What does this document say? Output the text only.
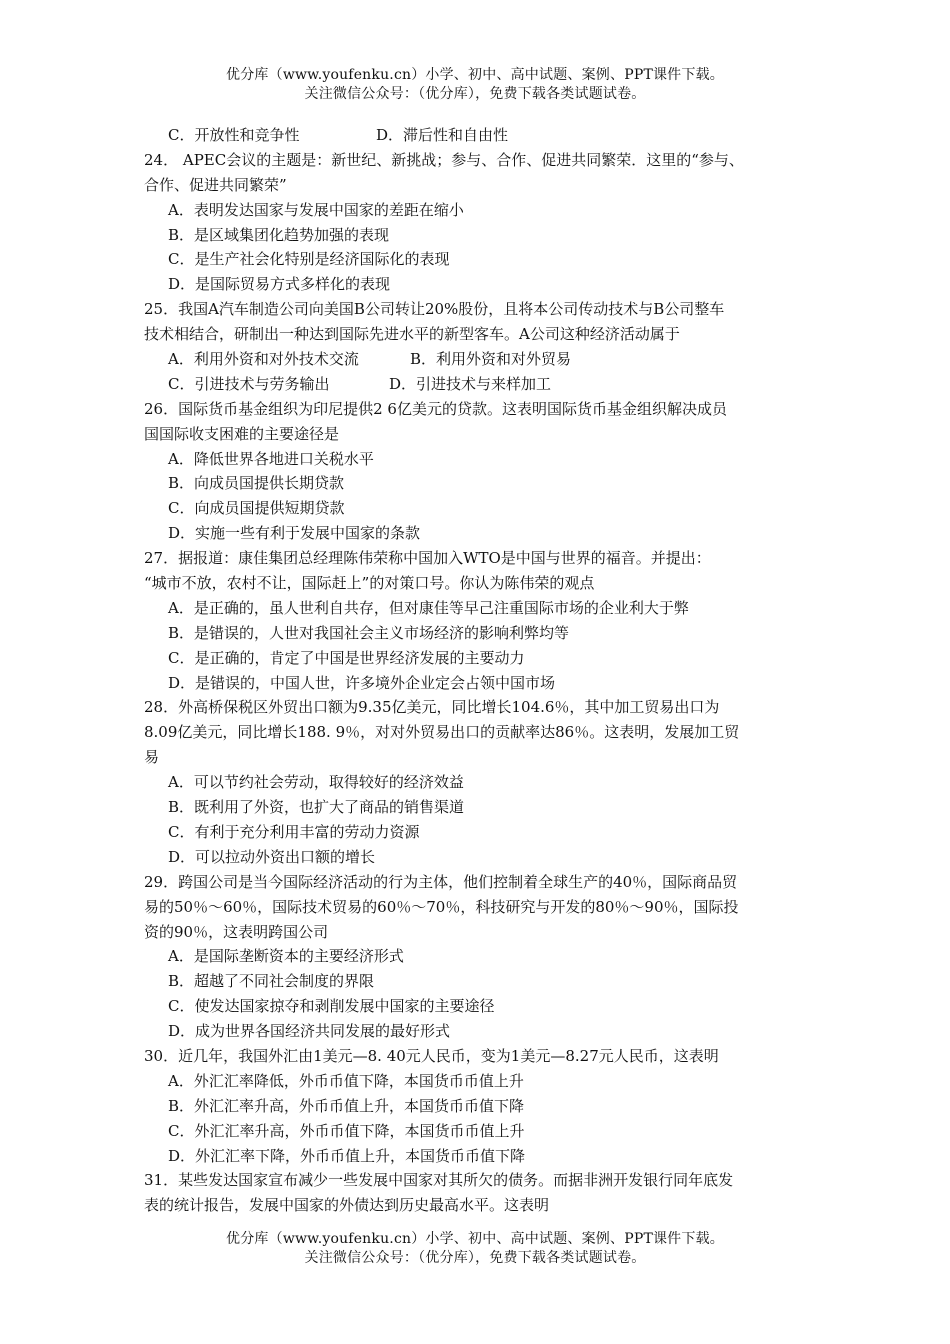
优分库（www.youfenku.cn）小学、初中、高中试题、案例、PPT课件下载。
关注微信公众号：（优分库），免费下载各类试题试卷。
C．开放性和竞争性	D．滞后性和自由性
24． APEC会议的主题是：新世纪、新挑战；参与、合作、促进共同繁荣．这里的“参与、
合作、促进共同繁荣”
A．表明发达国家与发展中国家的差距在缩小
B．是区域集团化趋势加强的表现
C．是生产社会化特别是经济国际化的表现
D．是国际贸易方式多样化的表现
25．我国A汽车制造公司向美国B公司转让20%股份，且将本公司传动技术与B公司整车
技术相结合，研制出一种达到国际先进水平的新型客车。A公司这种经济活动属于
A．利用外资和对外技术交流	B．利用外资和对外贸易
C．引进技术与劳务输出	D．引进技术与来样加工
26．国际货币基金组织为印尼提供2 6亿美元的贷款。这表明国际货币基金组织解决成员
国国际收支困难的主要途径是
A．降低世界各地进口关税水平
B．向成员国提供长期贷款
C．向成员国提供短期贷款
D．实施一些有利于发展中国家的条款
27．据报道：康佳集团总经理陈伟荣称中国加入WTO是中国与世界的福音。并提出：
“城市不放，农村不让，国际赶上”的对策口号。你认为陈伟荣的观点
A．是正确的，虽人世利自共存，但对康佳等早己注重国际市场的企业利大于弊
B．是错误的，人世对我国社会主义市场经济的影响利弊均等
C．是正确的，肯定了中国是世界经济发展的主要动力
D．是错误的，中国人世，许多境外企业定会占领中国市场
28．外高桥保税区外贸出口额为9.35亿美元，同比增长104.6％，其中加工贸易出口为
8.09亿美元，同比增长188. 9％，对对外贸易出口的贡献率达86％。这表明，发展加工贸
易
A．可以节约社会劳动，取得较好的经济效益
B．既利用了外资，也扩大了商品的销售渠道
C．有利于充分利用丰富的劳动力资源
D．可以拉动外资出口额的增长
29．跨国公司是当今国际经济活动的行为主体，他们控制着全球生产的40％，国际商品贸
易的50％～60％，国际技术贸易的60％～70％，科技研究与开发的80％～90％，国际投
资的90％，这表明跨国公司
A．是国际垄断资本的主要经济形式
B．超越了不同社会制度的界限
C．使发达国家掠夺和剥削发展中国家的主要途径
D．成为世界各国经济共同发展的最好形式
30．近几年，我国外汇由1美元—8. 40元人民币，变为1美元—8.27元人民币，这表明
A．外汇汇率降低，外币币值下降，本国货币币值上升
B．外汇汇率升高，外币币值上升，本国货币币值下降
C．外汇汇率升高，外币币值下降，本国货币币值上升
D．外汇汇率下降，外币币值上升，本国货币币值下降
31．某些发达国家宣布减少一些发展中国家对其所欠的债务。而据非洲开发银行同年底发
表的统计报告，发展中国家的外债达到历史最高水平。这表明
优分库（www.youfenku.cn）小学、初中、高中试题、案例、PPT课件下载。
关注微信公众号：（优分库），免费下载各类试题试卷。
